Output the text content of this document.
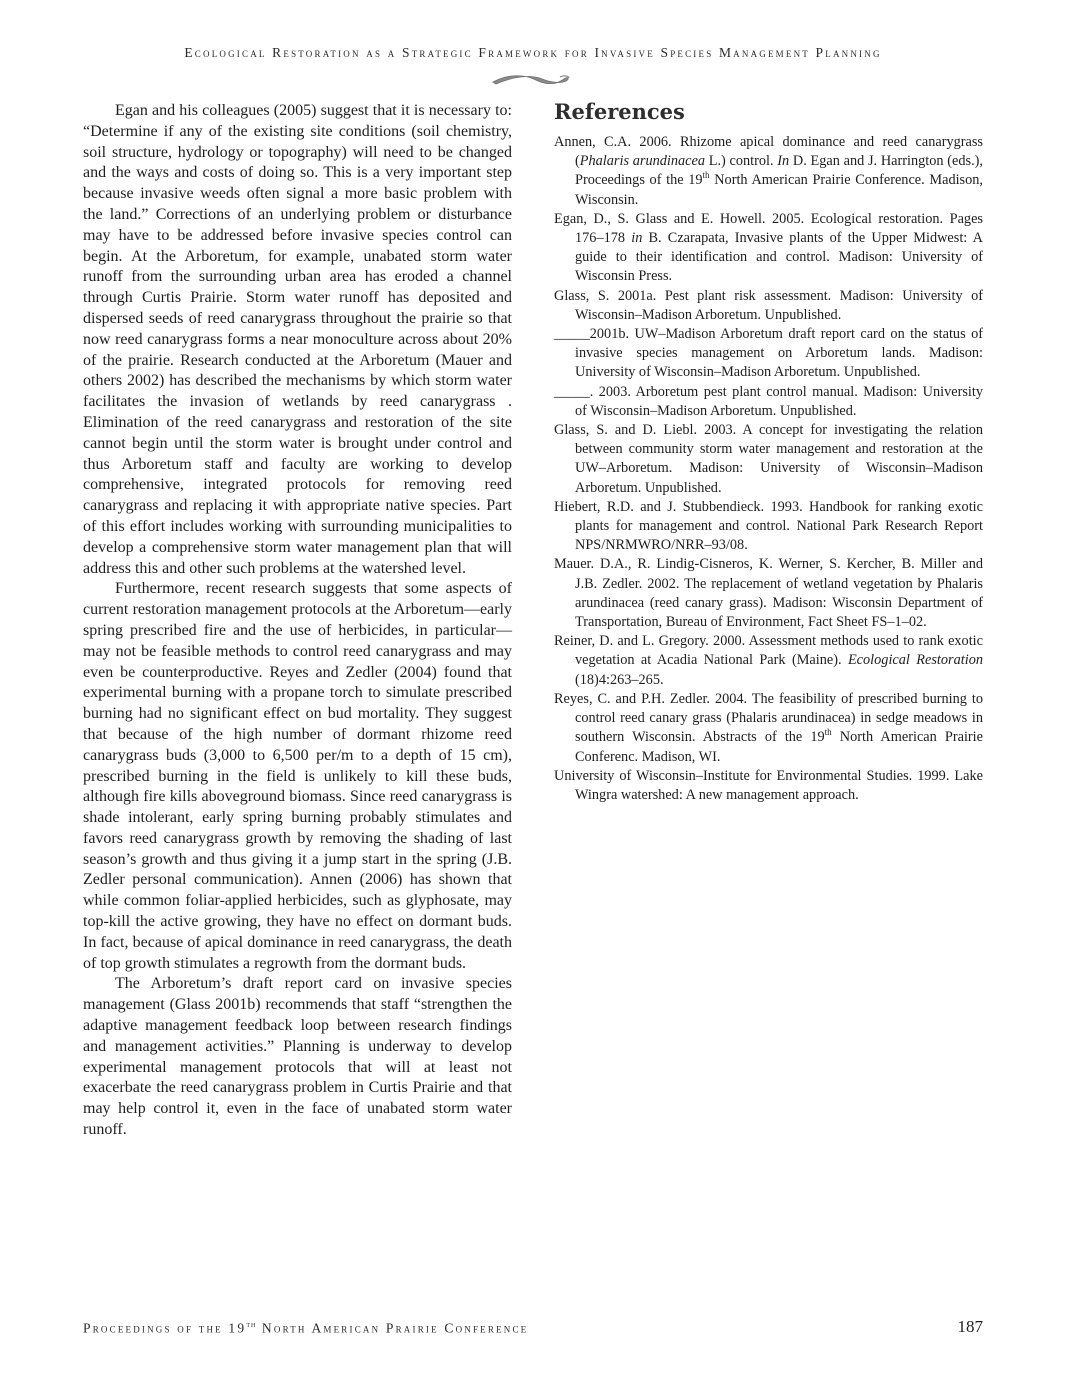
Ecological Restoration as a Strategic Framework for Invasive Species Management Planning

Egan and his colleagues (2005) suggest that it is necessary to: “Determine if any of the existing site conditions (soil chemistry, soil structure, hydrology or topography) will need to be changed and the ways and costs of doing so. This is a very important step because invasive weeds often signal a more basic problem with the land.” Corrections of an underlying problem or disturbance may have to be addressed before invasive species control can begin. At the Arboretum, for example, unabated storm water runoff from the surrounding urban area has eroded a channel through Curtis Prairie. Storm water runoff has deposited and dispersed seeds of reed canarygrass throughout the prairie so that now reed canarygrass forms a near monoculture across about 20% of the prairie. Research conducted at the Arboretum (Mauer and others 2002) has described the mechanisms by which storm water facilitates the invasion of wetlands by reed canarygrass . Elimination of the reed canarygrass and restoration of the site cannot begin until the storm water is brought under control and thus Arboretum staff and faculty are working to develop comprehensive, integrated protocols for removing reed canarygrass and replacing it with appropriate native species. Part of this effort includes working with surrounding municipalities to develop a comprehensive storm water management plan that will address this and other such problems at the watershed level.

Furthermore, recent research suggests that some aspects of current restoration management protocols at the Arboretum—early spring prescribed fire and the use of herbicides, in particular—may not be feasible methods to control reed canarygrass and may even be counterproductive. Reyes and Zedler (2004) found that experimental burning with a propane torch to simulate prescribed burning had no significant effect on bud mortality. They suggest that because of the high number of dormant rhizome reed canarygrass buds (3,000 to 6,500 per/m to a depth of 15 cm), prescribed burning in the field is unlikely to kill these buds, although fire kills aboveground biomass. Since reed canarygrass is shade intolerant, early spring burning probably stimulates and favors reed canarygrass growth by removing the shading of last season’s growth and thus giving it a jump start in the spring (J.B. Zedler personal communication). Annen (2006) has shown that while common foliar-applied herbicides, such as glyphosate, may top-kill the active growing, they have no effect on dormant buds. In fact, because of apical dominance in reed canarygrass, the death of top growth stimulates a regrowth from the dormant buds.

The Arboretum’s draft report card on invasive species management (Glass 2001b) recommends that staff “strengthen the adaptive management feedback loop between research findings and management activities.” Planning is underway to develop experimental management protocols that will at least not exacerbate the reed canarygrass problem in Curtis Prairie and that may help control it, even in the face of unabated storm water runoff.

References

Annen, C.A. 2006. Rhizome apical dominance and reed canarygrass (Phalaris arundinacea L.) control. In D. Egan and J. Harrington (eds.), Proceedings of the 19th North American Prairie Conference. Madison, Wisconsin.

Egan, D., S. Glass and E. Howell. 2005. Ecological restoration. Pages 176–178 in B. Czarapata, Invasive plants of the Upper Midwest: A guide to their identification and control. Madison: University of Wisconsin Press.

Glass, S. 2001a. Pest plant risk assessment. Madison: University of Wisconsin–Madison Arboretum. Unpublished.

_____2001b. UW–Madison Arboretum draft report card on the status of invasive species management on Arboretum lands. Madison: University of Wisconsin–Madison Arboretum. Unpublished.

_____. 2003. Arboretum pest plant control manual. Madison: University of Wisconsin–Madison Arboretum. Unpublished.

Glass, S. and D. Liebl. 2003. A concept for investigating the relation between community storm water management and restoration at the UW–Arboretum. Madison: University of Wisconsin–Madison Arboretum. Unpublished.

Hiebert, R.D. and J. Stubbendieck. 1993. Handbook for ranking exotic plants for management and control. National Park Research Report NPS/NRMWRO/NRR–93/08.

Mauer. D.A., R. Lindig-Cisneros, K. Werner, S. Kercher, B. Miller and J.B. Zedler. 2002. The replacement of wetland vegetation by Phalaris arundinacea (reed canary grass). Madison: Wisconsin Department of Transportation, Bureau of Environment, Fact Sheet FS–1–02.

Reiner, D. and L. Gregory. 2000. Assessment methods used to rank exotic vegetation at Acadia National Park (Maine). Ecological Restoration (18)4:263–265.

Reyes, C. and P.H. Zedler. 2004. The feasibility of prescribed burning to control reed canary grass (Phalaris arundinacea) in sedge meadows in southern Wisconsin. Abstracts of the 19th North American Prairie Conferenc. Madison, WI.

University of Wisconsin–Institute for Environmental Studies. 1999. Lake Wingra watershed: A new management approach.

Proceedings of the 19th North American Prairie Conference	187
